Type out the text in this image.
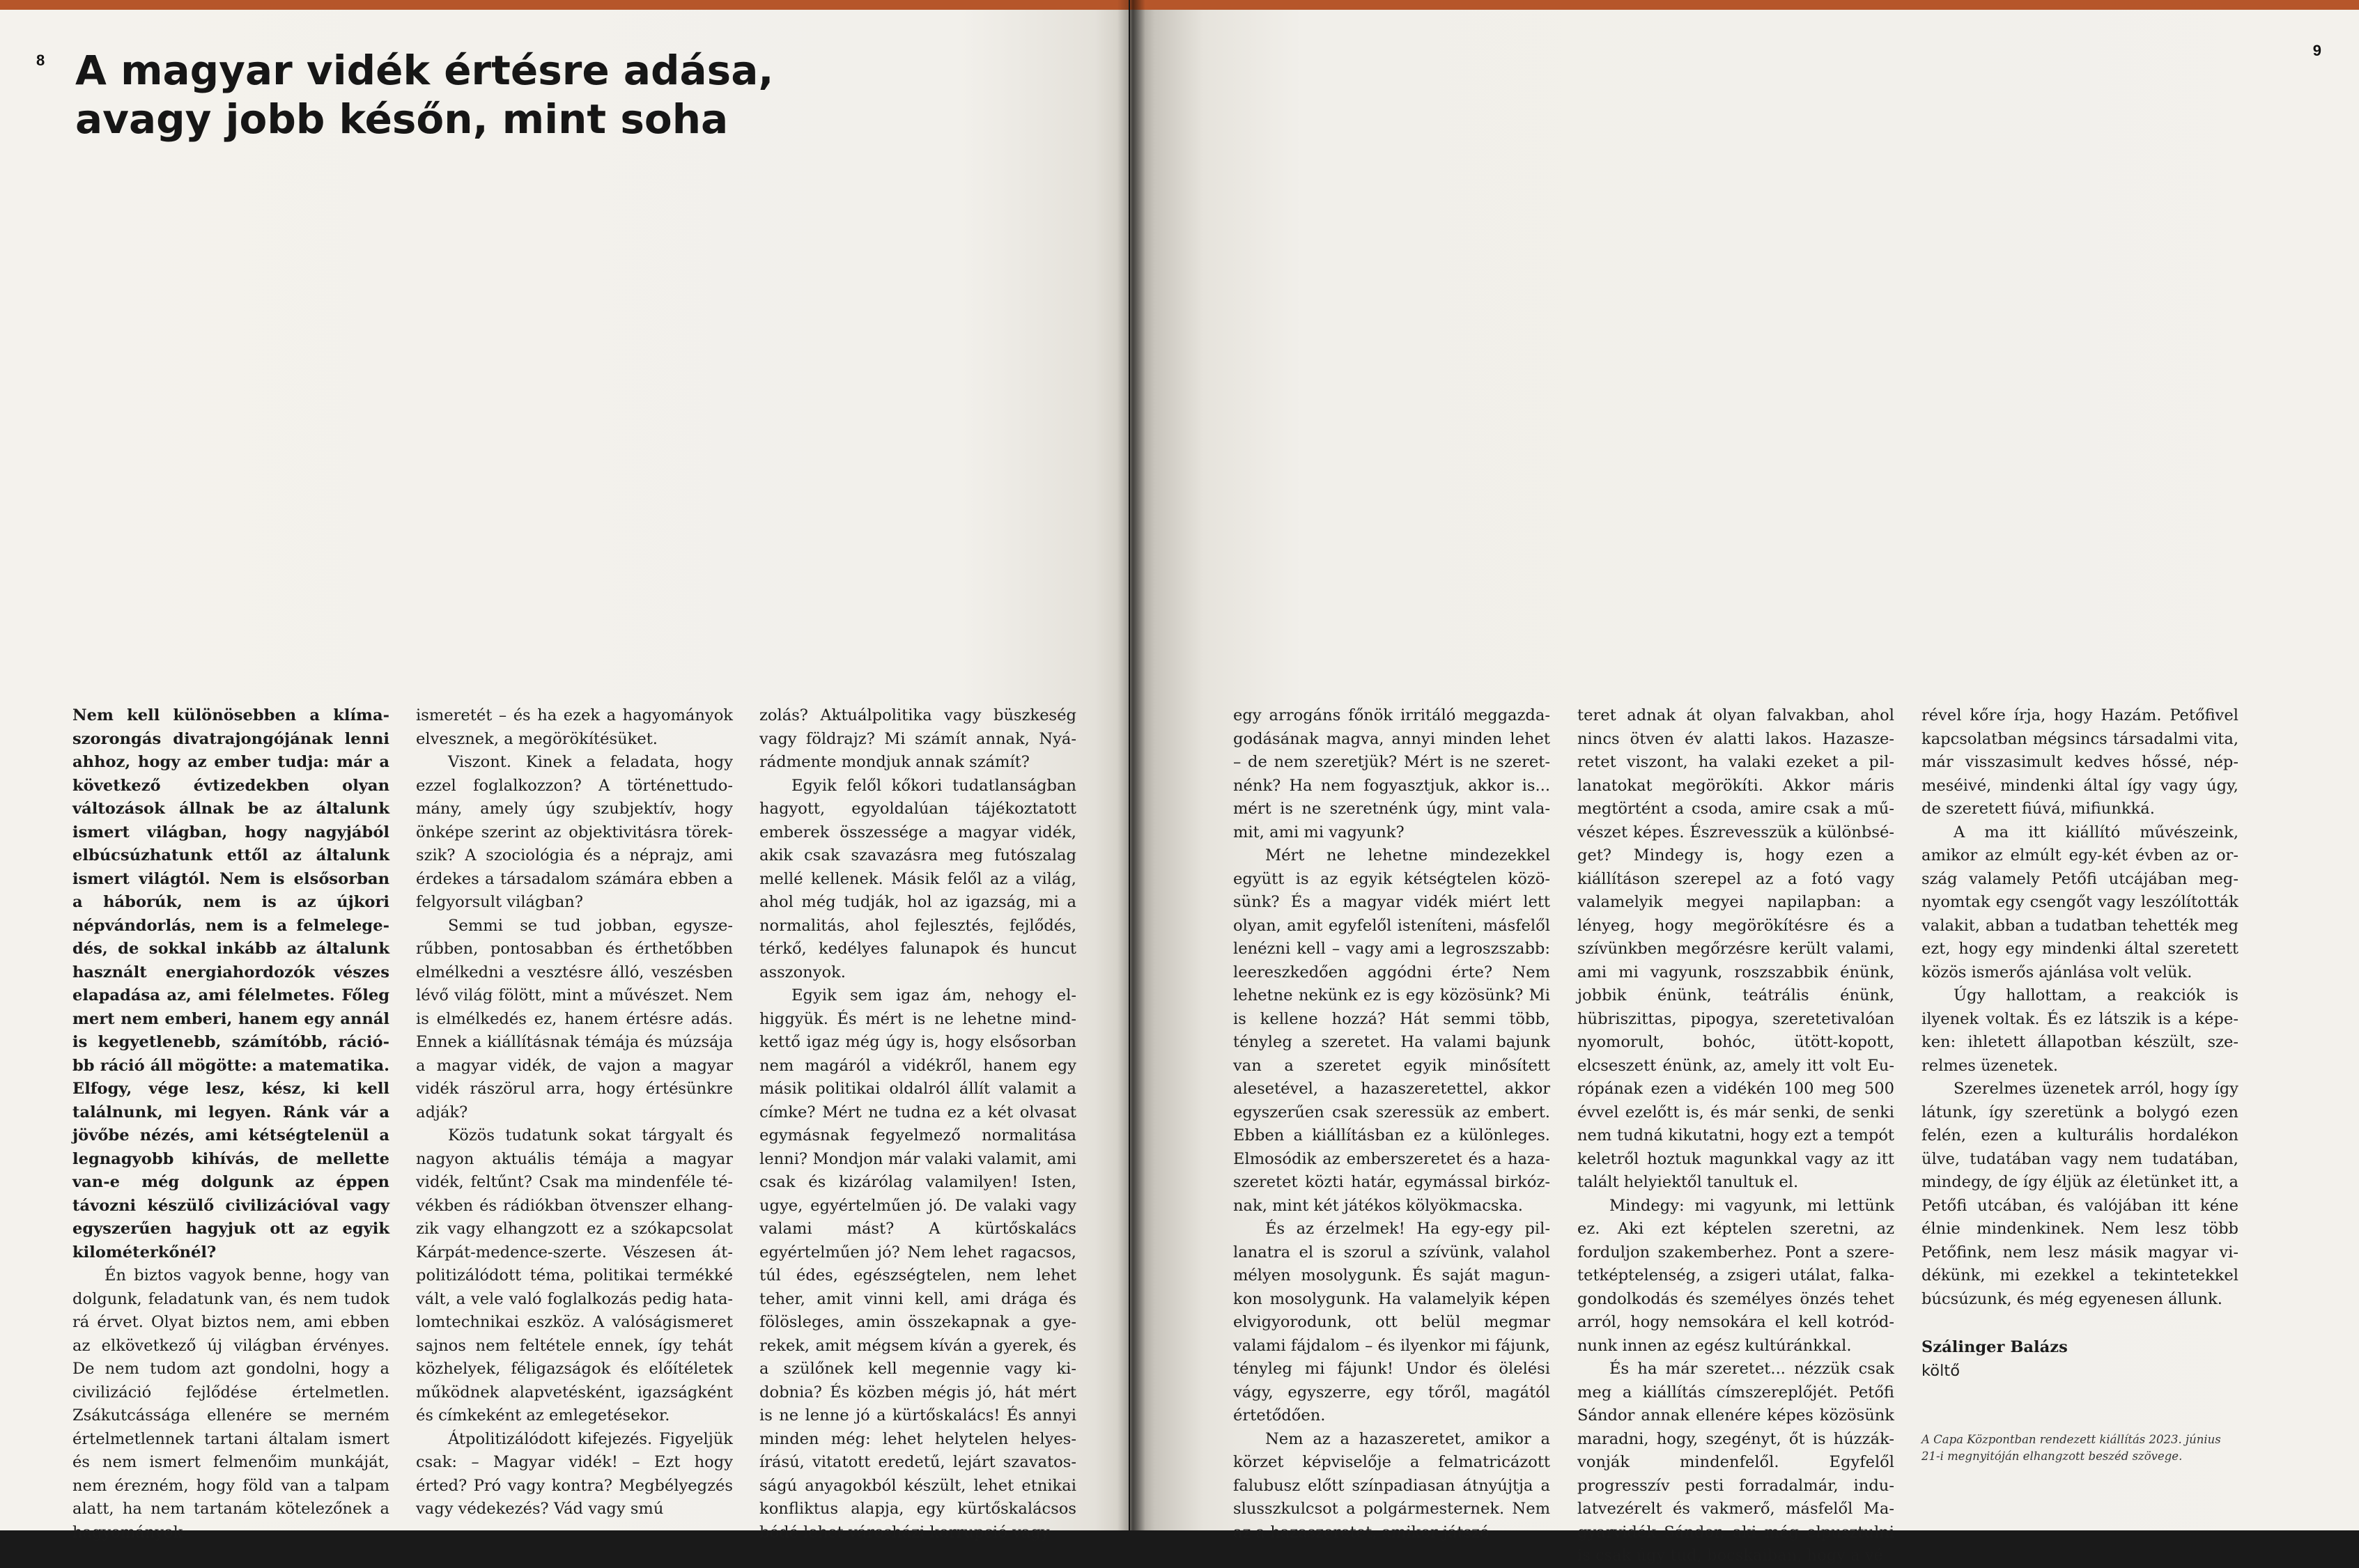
8 A magyar vidék értésre adása,
avagy jobb későn, mint soha

Nem kell különösebben a klímaszorongás divatrajongójának lenni ahhoz, hogy az ember tudja: már a következő évtizedekben olyan változások állnak be az általunk ismert világban, hogy nagyjából elbúcsúzhatunk ettől az általunk ismert világtól. Nem is elsősorban a háborúk, nem is az újkori népvándorlás, nem is a felmelegedés, de sokkal inkább az általunk használt energiahordozók vészes elapadása az, ami félelmetes. Főleg mert nem emberi, hanem egy annál is kegyetlenebb, számítóbb, rációbb ráció áll mögötte: a matematika. Elfogy, vége lesz, kész, ki kell találnunk, mi legyen. Ránk vár a jövőbe nézés, ami kétségtelenül a legnagyobb kihívás, de mellette van-e még dolgunk az éppen távozni készülő civilizációval vagy egyszerűen hagyjuk ott az egyik kilométerkőnél?

Én biztos vagyok benne, hogy van dolgunk, feladatunk van, és nem tudok rá érvet. Olyat biztos nem, ami ebben az elkövetkező új világban érvényes. De nem tudom azt gondolni, hogy a civilizáció fejlődése értelmetlen. Zsákutcássága ellenére se merném értelmetlennek tartani általam ismert és nem ismert felmenőim munkáját, nem érezném, hogy föld van a talpam alatt, ha nem tartanám kötelezőnek a hagyományok

ismeretét – és ha ezek a hagyományok elvesznek, a megörökítésüket.

Viszont. Kinek a feladata, hogy ezzel foglalkozzon? A történettudomány, amely úgy szubjektív, hogy önképe szerint az objektivitásra törekszik? A szociológia és a néprajz, ami érdekes a társadalom számára ebben a felgyorsult világban?

Semmi se tud jobban, egyszerűbben, pontosabban és érthetőbben elmélkedni a vesztésre álló, veszésben lévő világ fölött, mint a művészet. Nem is elmélkedés ez, hanem értésre adás. Ennek a kiállításnak témája és múzsája a magyar vidék, de vajon a magyar vidék rászörul arra, hogy értésünkre adják?

Közös tudatunk sokat tárgyalt és nagyon aktuális témája a magyar vidék, feltűnt? Csak ma mindenféle tévékben és rádiókban ötvenszer elhangzik vagy elhangzott ez a szókapcsolat Kárpát-medence-szerte. Vészesen átpolitizálódott téma, politikai termékké vált, a vele való foglalkozás pedig hatalomtechnikai eszköz. A valóságismeret sajnos nem feltétele ennek, így tehát közhelyek, féligazságok és előítéletek működnek alapvetésként, igazságként és címkeként az emlegetésekor.

Átpolitizálódott kifejezés. Figyeljük csak: – Magyar vidék! – Ezt hogy érted? Pró vagy kontra? Megbélyegzés vagy védekezés? Vád vagy smú

zolás? Aktuálpolitika vagy büszkeség vagy földrajz? Mi számít annak, Nyárádmente mondjuk annak számít?

Egyik felől kőkori tudatlanságban hagyott, egyoldalúan tájékoztatott emberek összessége a magyar vidék, akik csak szavazásra meg futószalag mellé kellenek. Másik felől az a világ, ahol még tudják, hol az igazság, mi a normalitás, ahol fejlesztés, fejlődés, térkő, kedélyes falunapok és huncut asszonyok.

Egyik sem igaz ám, nehogy elhiggyük. És mért is ne lehetne mindkettő igaz még úgy is, hogy elsősorban nem magáról a vidékről, hanem egy másik politikai oldalról állít valamit a címke? Mért ne tudna ez a két olvasat egymásnak fegyelmező normalitása lenni? Mondjon már valaki valamit, ami csak és kizárólag valamilyen! Isten, ugye, egyértelműen jó. De valaki vagy valami mást? A kürtőskalács egyértelműen jó? Nem lehet ragacsos, túl édes, egészségtelen, nem lehet teher, amit vinni kell, ami drága és fölösleges, amin összekapnak a gyerekek, amit mégsem kíván a gyerek, és a szülőnek kell megennie vagy kidobnia? És közben mégis jó, hát mért is ne lenne jó a kürtőskalács! És annyi minden még: lehet helytelen helyesírású, vitatott eredetű, lejárt szavatosságú anyagokból készült, lehet etnikai konfliktus alapja, egy kürtőskalácsos bódé lehet városházi korrupció vagy

9

egy arrogáns főnök irritáló meggazdagodásának magva, annyi minden lehet – de nem szeretjük? Mért is ne szeretnénk? Ha nem fogyasztjuk, akkor is... mért is ne szeretnénk úgy, mint valamit, ami mi vagyunk?

Mért ne lehetne mindezekkel együtt is az egyik kétségtelen közösünk? És a magyar vidék miért lett olyan, amit egyfelől isteníteni, másfelől lenézni kell – vagy ami a legroszszabb: leereszkedően aggódni érte? Nem lehetne nekünk ez is egy közösünk? Mi is kellene hozzá? Hát semmi több, tényleg a szeretet. Ha valami bajunk van a szeretet egyik minősített alesetével, a hazaszeretettel, akkor egyszerűen csak szeressük az embert. Ebben a kiállításban ez a különleges. Elmosódik az emberszeretet és a hazaszeretet közti határ, egymással birkóznak, mint két játékos kölyökmacska.

És az érzelmek! Ha egy-egy pillanatra el is szorul a szívünk, valahol mélyen mosolygunk. És saját magunkon mosolygunk. Ha valamelyik képen elvigyorodunk, ott belül megmar valami fájdalom – és ilyenkor mi fájunk, tényleg mi fájunk! Undor és ölelési vágy, egyszerre, egy tőről, magától értetődően.

Nem az a hazaszeretet, amikor a körzet képviselője a felmatricázott falubusz előtt színpadiasan átnyújtja a slusszkulcsot a polgármesternek. Nem az a hazaszeretet, amikor játszó

teret adnak át olyan falvakban, ahol nincs ötven év alatti lakos. Hazaszeretet viszont, ha valaki ezeket a pillanatokat megörökíti. Akkor máris megtörtént a csoda, amire csak a művészet képes. Észrevesszük a különbséget? Mindegy is, hogy ezen a kiállításon szerepel az a fotó vagy valamelyik megyei napilapban: a lényeg, hogy megörökítésre és a szívünkben megőrzésre került valami, ami mi vagyunk, roszszabbik énünk, jobbik énünk, teátrális énünk, hübriszittas, pipogya, szeretetivalóan nyomorult, bohóc, ütött-kopott, elcseszett énünk, az, amely itt volt Európának ezen a vidékén 100 meg 500 évvel ezelőtt is, és már senki, de senki nem tudná kikutatni, hogy ezt a tempót keletről hoztuk magunkkal vagy az itt talált helyiektől tanultuk el.

Mindegy: mi vagyunk, mi lettünk ez. Aki ezt képtelen szeretni, az forduljon szakemberhez. Pont a szeretetképtelenség, a zsigeri utálat, falkagondolkodás és személyes önzés tehet arról, hogy nemsokára el kell kotródnunk innen az egész kultúránkkal.

És ha már szeretet... nézzük csak meg a kiállítás címszereplőjét. Petőfi Sándor annak ellenére képes közösünk maradni, hogy, szegényt, őt is húzzák-vonják mindenfelől. Egyfelől progresszív pesti forradalmár, indulatvezérelt és vakmerő, másfelől Magyarvidék Sándor, aki még elpusztulni is csak úgy tud, bocskaiban, hogy a vé

rével kőre írja, hogy Hazám. Petőfivel kapcsolatban mégsincs társadalmi vita, már visszasimult kedves hőssé, népmeséivé, mindenki által így vagy úgy, de szeretett fiúvá, mifiunkká.

A ma itt kiállító művészeink, amikor az elmúlt egy-két évben az ország valamely Petőfi utcájában megnyomtak egy csengőt vagy leszólították valakit, abban a tudatban tehették meg ezt, hogy egy mindenki által szeretett közös ismerős ajánlása volt velük.

Úgy hallottam, a reakciók is ilyenek voltak. És ez látszik is a képeken: ihletett állapotban készült, szerelmes üzenetek.

Szerelmes üzenetek arról, hogy így látunk, így szeretünk a bolygó ezen felén, ezen a kulturális hordalékon ülve, tudatában vagy nem tudatában, mindegy, de így éljük az életünket itt, a Petőfi utcában, és valójában itt kéne élnie mindenkinek. Nem lesz több Petőfink, nem lesz másik magyar vidékünk, mi ezekkel a tekintetekkel búcsúzunk, és még egyenesen állunk.

Szálinger Balázs

költő

A Capa Központban rendezett kiállítás 2023. június 21-i megnyitóján elhangzott beszéd szövege.
